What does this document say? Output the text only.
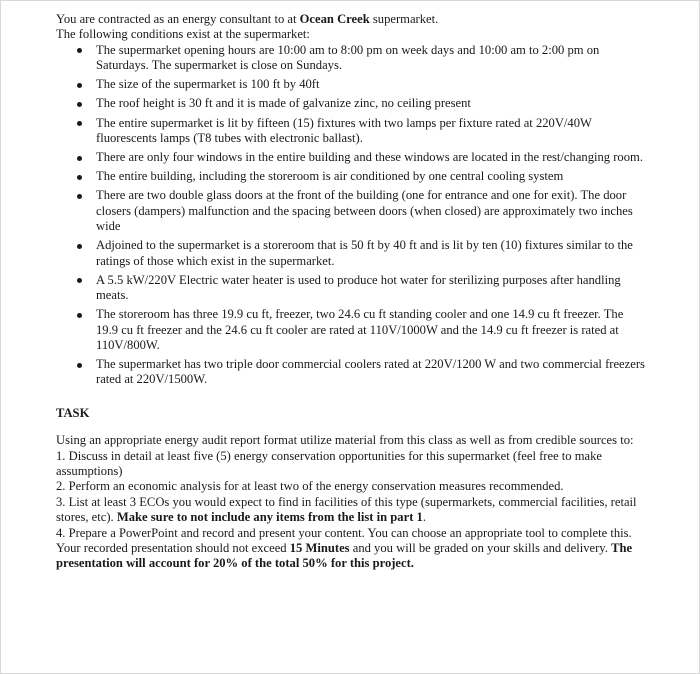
You are contracted as an energy consultant to at Ocean Creek supermarket.

The following conditions exist at the supermarket:

The supermarket opening hours are 10:00 am to 8:00 pm on week days and 10:00 am to 2:00 pm on Saturdays. The supermarket is close on Sundays.
The size of the supermarket is 100 ft by 40ft
The roof height is 30 ft and it is made of galvanize zinc, no ceiling present
The entire supermarket is lit by fifteen (15) fixtures with two lamps per fixture rated at 220V/40W fluorescents lamps (T8 tubes with electronic ballast).
There are only four windows in the entire building and these windows are located in the rest/changing room.
The entire building, including the storeroom is air conditioned by one central cooling system
There are two double glass doors at the front of the building (one for entrance and one for exit). The door closers (dampers) malfunction and the spacing between doors (when closed) are approximately two inches wide
Adjoined to the supermarket is a storeroom that is 50 ft by 40 ft and is lit by ten (10) fixtures similar to the ratings of those which exist in the supermarket.
A 5.5 kW/220V Electric water heater is used to produce hot water for sterilizing purposes after handling meats.
The storeroom has three 19.9 cu ft, freezer, two 24.6 cu ft standing cooler and one 14.9 cu ft freezer. The 19.9 cu ft freezer and the 24.6 cu ft cooler are rated at 110V/1000W and the 14.9 cu ft freezer is rated at 110V/800W.
The supermarket has two triple door commercial coolers rated at 220V/1200 W and two commercial freezers rated at 220V/1500W.

TASK

Using an appropriate energy audit report format utilize material from this class as well as from credible sources to:

1. Discuss in detail at least five (5) energy conservation opportunities for this supermarket (feel free to make assumptions)

2. Perform an economic analysis for at least two of the energy conservation measures recommended.

3. List at least 3 ECOs you would expect to find in facilities of this type (supermarkets, commercial facilities, retail stores, etc). Make sure to not include any items from the list in part 1.

4. Prepare a PowerPoint and record and present your content. You can choose an appropriate tool to complete this. Your recorded presentation should not exceed 15 Minutes and you will be graded on your skills and delivery. The presentation will account for 20% of the total 50% for this project.
